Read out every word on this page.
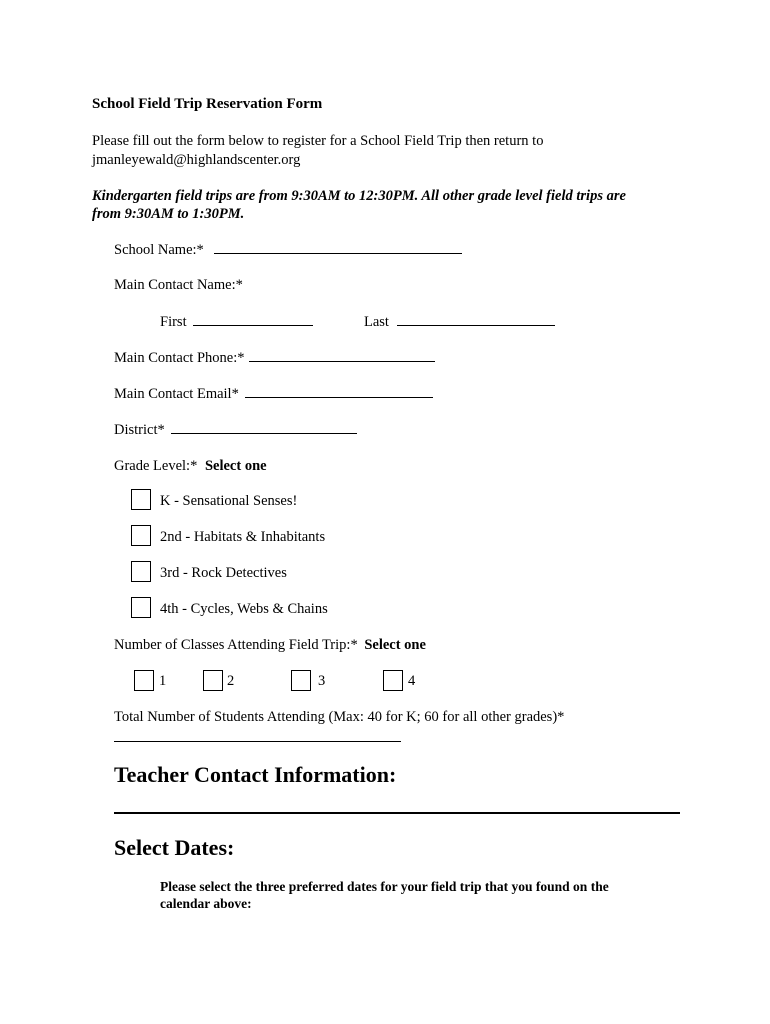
School Field Trip Reservation Form
Please fill out the form below to register for a School Field Trip then return to
jmanleyewald@highlandscenter.org
Kindergarten field trips are from 9:30AM to 12:30PM. All other grade level field trips are
from 9:30AM to 1:30PM.
School Name:*
Main Contact Name:*
First	Last
Main Contact Phone:*
Main Contact Email*
District*
Grade Level:* Select one
K - Sensational Senses!
2nd - Habitats & Inhabitants
3rd - Rock Detectives
4th - Cycles, Webs & Chains
Number of Classes Attending Field Trip:* Select one
1	2	3	4
Total Number of Students Attending (Max: 40 for K; 60 for all other grades)*
Teacher Contact Information:
Select Dates:
Please select the three preferred dates for your field trip that you found on the
calendar above:
